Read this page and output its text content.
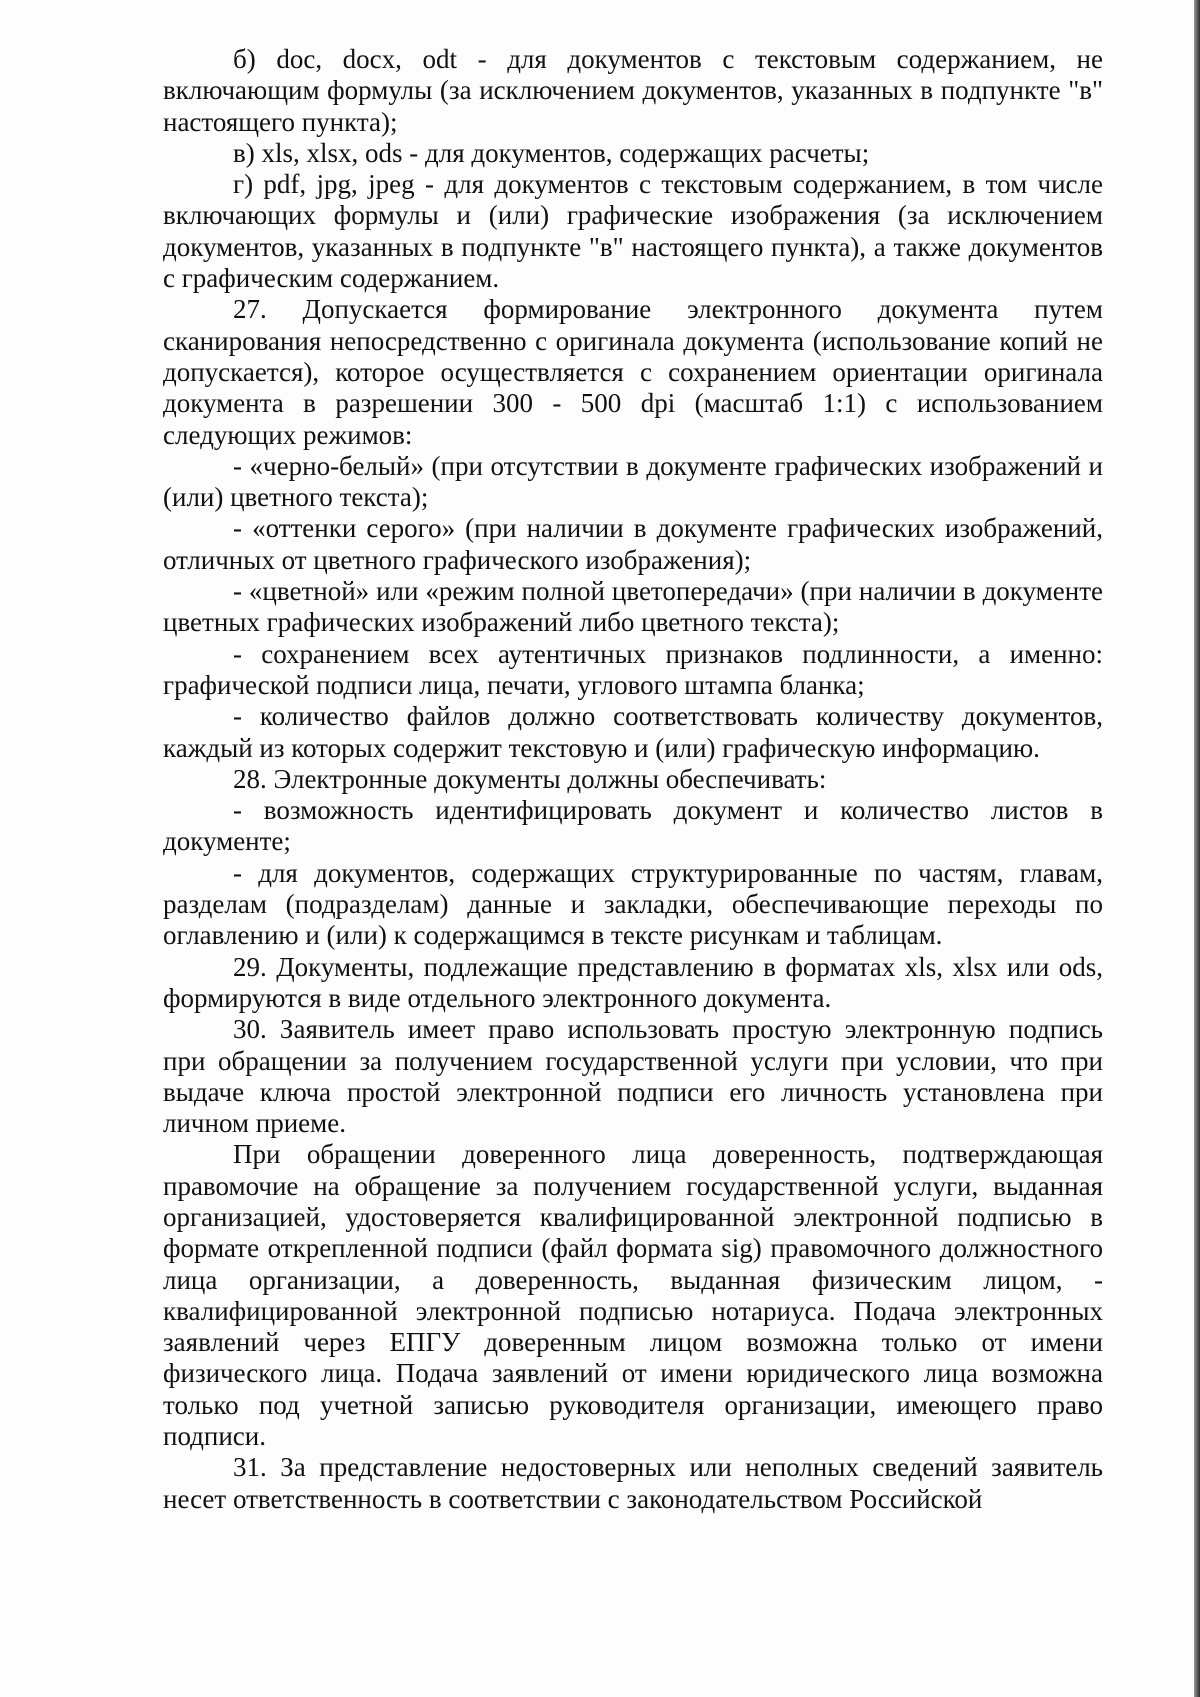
б) doc, docx, odt - для документов с текстовым содержанием, не включающим формулы (за исключением документов, указанных в подпункте "в" настоящего пункта);

в) xls, xlsx, ods - для документов, содержащих расчеты;

г) pdf, jpg, jpeg - для документов с текстовым содержанием, в том числе включающих формулы и (или) графические изображения (за исключением документов, указанных в подпункте "в" настоящего пункта), а также документов с графическим содержанием.

27. Допускается формирование электронного документа путем сканирования непосредственно с оригинала документа (использование копий не допускается), которое осуществляется с сохранением ориентации оригинала документа в разрешении 300 - 500 dpi (масштаб 1:1) с использованием следующих режимов:

- «черно-белый» (при отсутствии в документе графических изображений и (или) цветного текста);

- «оттенки серого» (при наличии в документе графических изображений, отличных от цветного графического изображения);

- «цветной» или «режим полной цветопередачи» (при наличии в документе цветных графических изображений либо цветного текста);

- сохранением всех аутентичных признаков подлинности, а именно: графической подписи лица, печати, углового штампа бланка;

- количество файлов должно соответствовать количеству документов, каждый из которых содержит текстовую и (или) графическую информацию.

28. Электронные документы должны обеспечивать:

- возможность идентифицировать документ и количество листов в документе;

- для документов, содержащих структурированные по частям, главам, разделам (подразделам) данные и закладки, обеспечивающие переходы по оглавлению и (или) к содержащимся в тексте рисункам и таблицам.

29. Документы, подлежащие представлению в форматах xls, xlsx или ods, формируются в виде отдельного электронного документа.

30. Заявитель имеет право использовать простую электронную подпись при обращении за получением государственной услуги при условии, что при выдаче ключа простой электронной подписи его личность установлена при личном приеме.

При обращении доверенного лица доверенность, подтверждающая правомочие на обращение за получением государственной услуги, выданная организацией, удостоверяется квалифицированной электронной подписью в формате открепленной подписи (файл формата sig) правомочного должностного лица организации, а доверенность, выданная физическим лицом, - квалифицированной электронной подписью нотариуса. Подача электронных заявлений через ЕПГУ доверенным лицом возможна только от имени физического лица. Подача заявлений от имени юридического лица возможна только под учетной записью руководителя организации, имеющего право подписи.

31. За представление недостоверных или неполных сведений заявитель несет ответственность в соответствии с законодательством Российской
